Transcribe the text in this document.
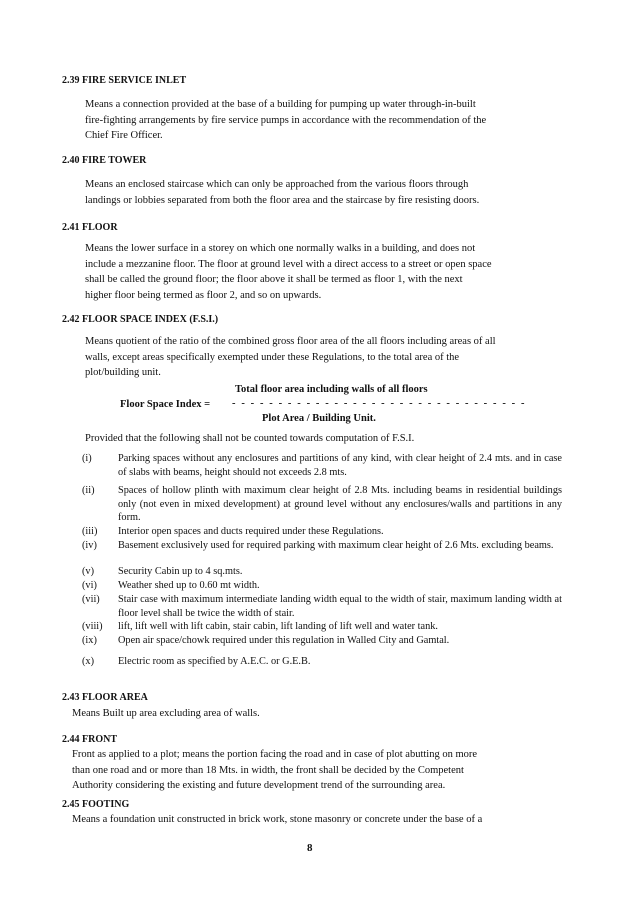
2.39 FIRE SERVICE INLET
Means a connection provided at the base of a building for pumping up water through-in-built
fire-fighting arrangements by fire service pumps in accordance with the recommendation of the
Chief Fire Officer.
2.40 FIRE TOWER
Means an enclosed staircase which can only be approached from the various floors through
landings or lobbies separated from both the floor area and the staircase by fire resisting doors.
2.41 FLOOR
Means the lower surface in a storey on which one normally walks in a building, and does not
include a mezzanine floor. The floor at ground level with a direct access to a street or open space
shall be called the ground floor; the floor above it shall be termed as floor 1, with the next
higher floor being termed as floor 2, and so on upwards.
2.42 FLOOR SPACE INDEX (F.S.I.)
Means quotient of the ratio of the combined gross floor area of the all floors including areas of all
walls, except areas specifically exempted under these Regulations, to the total area of the
plot/building unit.
Total floor area including walls of all floors
Floor Space Index = - - - - - - - - - - - - - - - - - - - - - - - - - - - - - - - -
Plot Area / Building Unit.
Provided that the following shall not be counted towards computation of F.S.I.
(i)	Parking spaces without any enclosures and partitions of any kind, with clear height of 2.4 mts. and in case of slabs with beams, height should not exceeds 2.8 mts.
(ii) Spaces of hollow plinth with maximum clear height of 2.8 Mts. including beams in residential buildings only (not even in mixed development) at ground level without any enclosures/walls and partitions in any form.
(iii) Interior open spaces and ducts required under these Regulations.
(iv) Basement exclusively used for required parking with maximum clear height of 2.6 Mts. excluding beams.
(v) Security Cabin up to 4 sq.mts.
(vi) Weather shed up to 0.60 mt width.
(vii) Stair case with maximum intermediate landing width equal to the width of stair, maximum landing width at floor level shall be twice the width of stair.
(viii) lift, lift well with lift cabin, stair cabin, lift landing of lift well and water tank.
(ix) Open air space/chowk required under this regulation in Walled City and Gamtal.
(x) Electric room as specified by A.E.C. or G.E.B.
2.43 FLOOR AREA
Means Built up area excluding area of walls.
2.44 FRONT
Front as applied to a plot; means the portion facing the road and in case of plot abutting on more
than one road and or more than 18 Mts. in width, the front shall be decided by the Competent
Authority considering the existing and future development trend of the surrounding area.
2.45 FOOTING
Means a foundation unit constructed in brick work, stone masonry or concrete under the base of a
8
